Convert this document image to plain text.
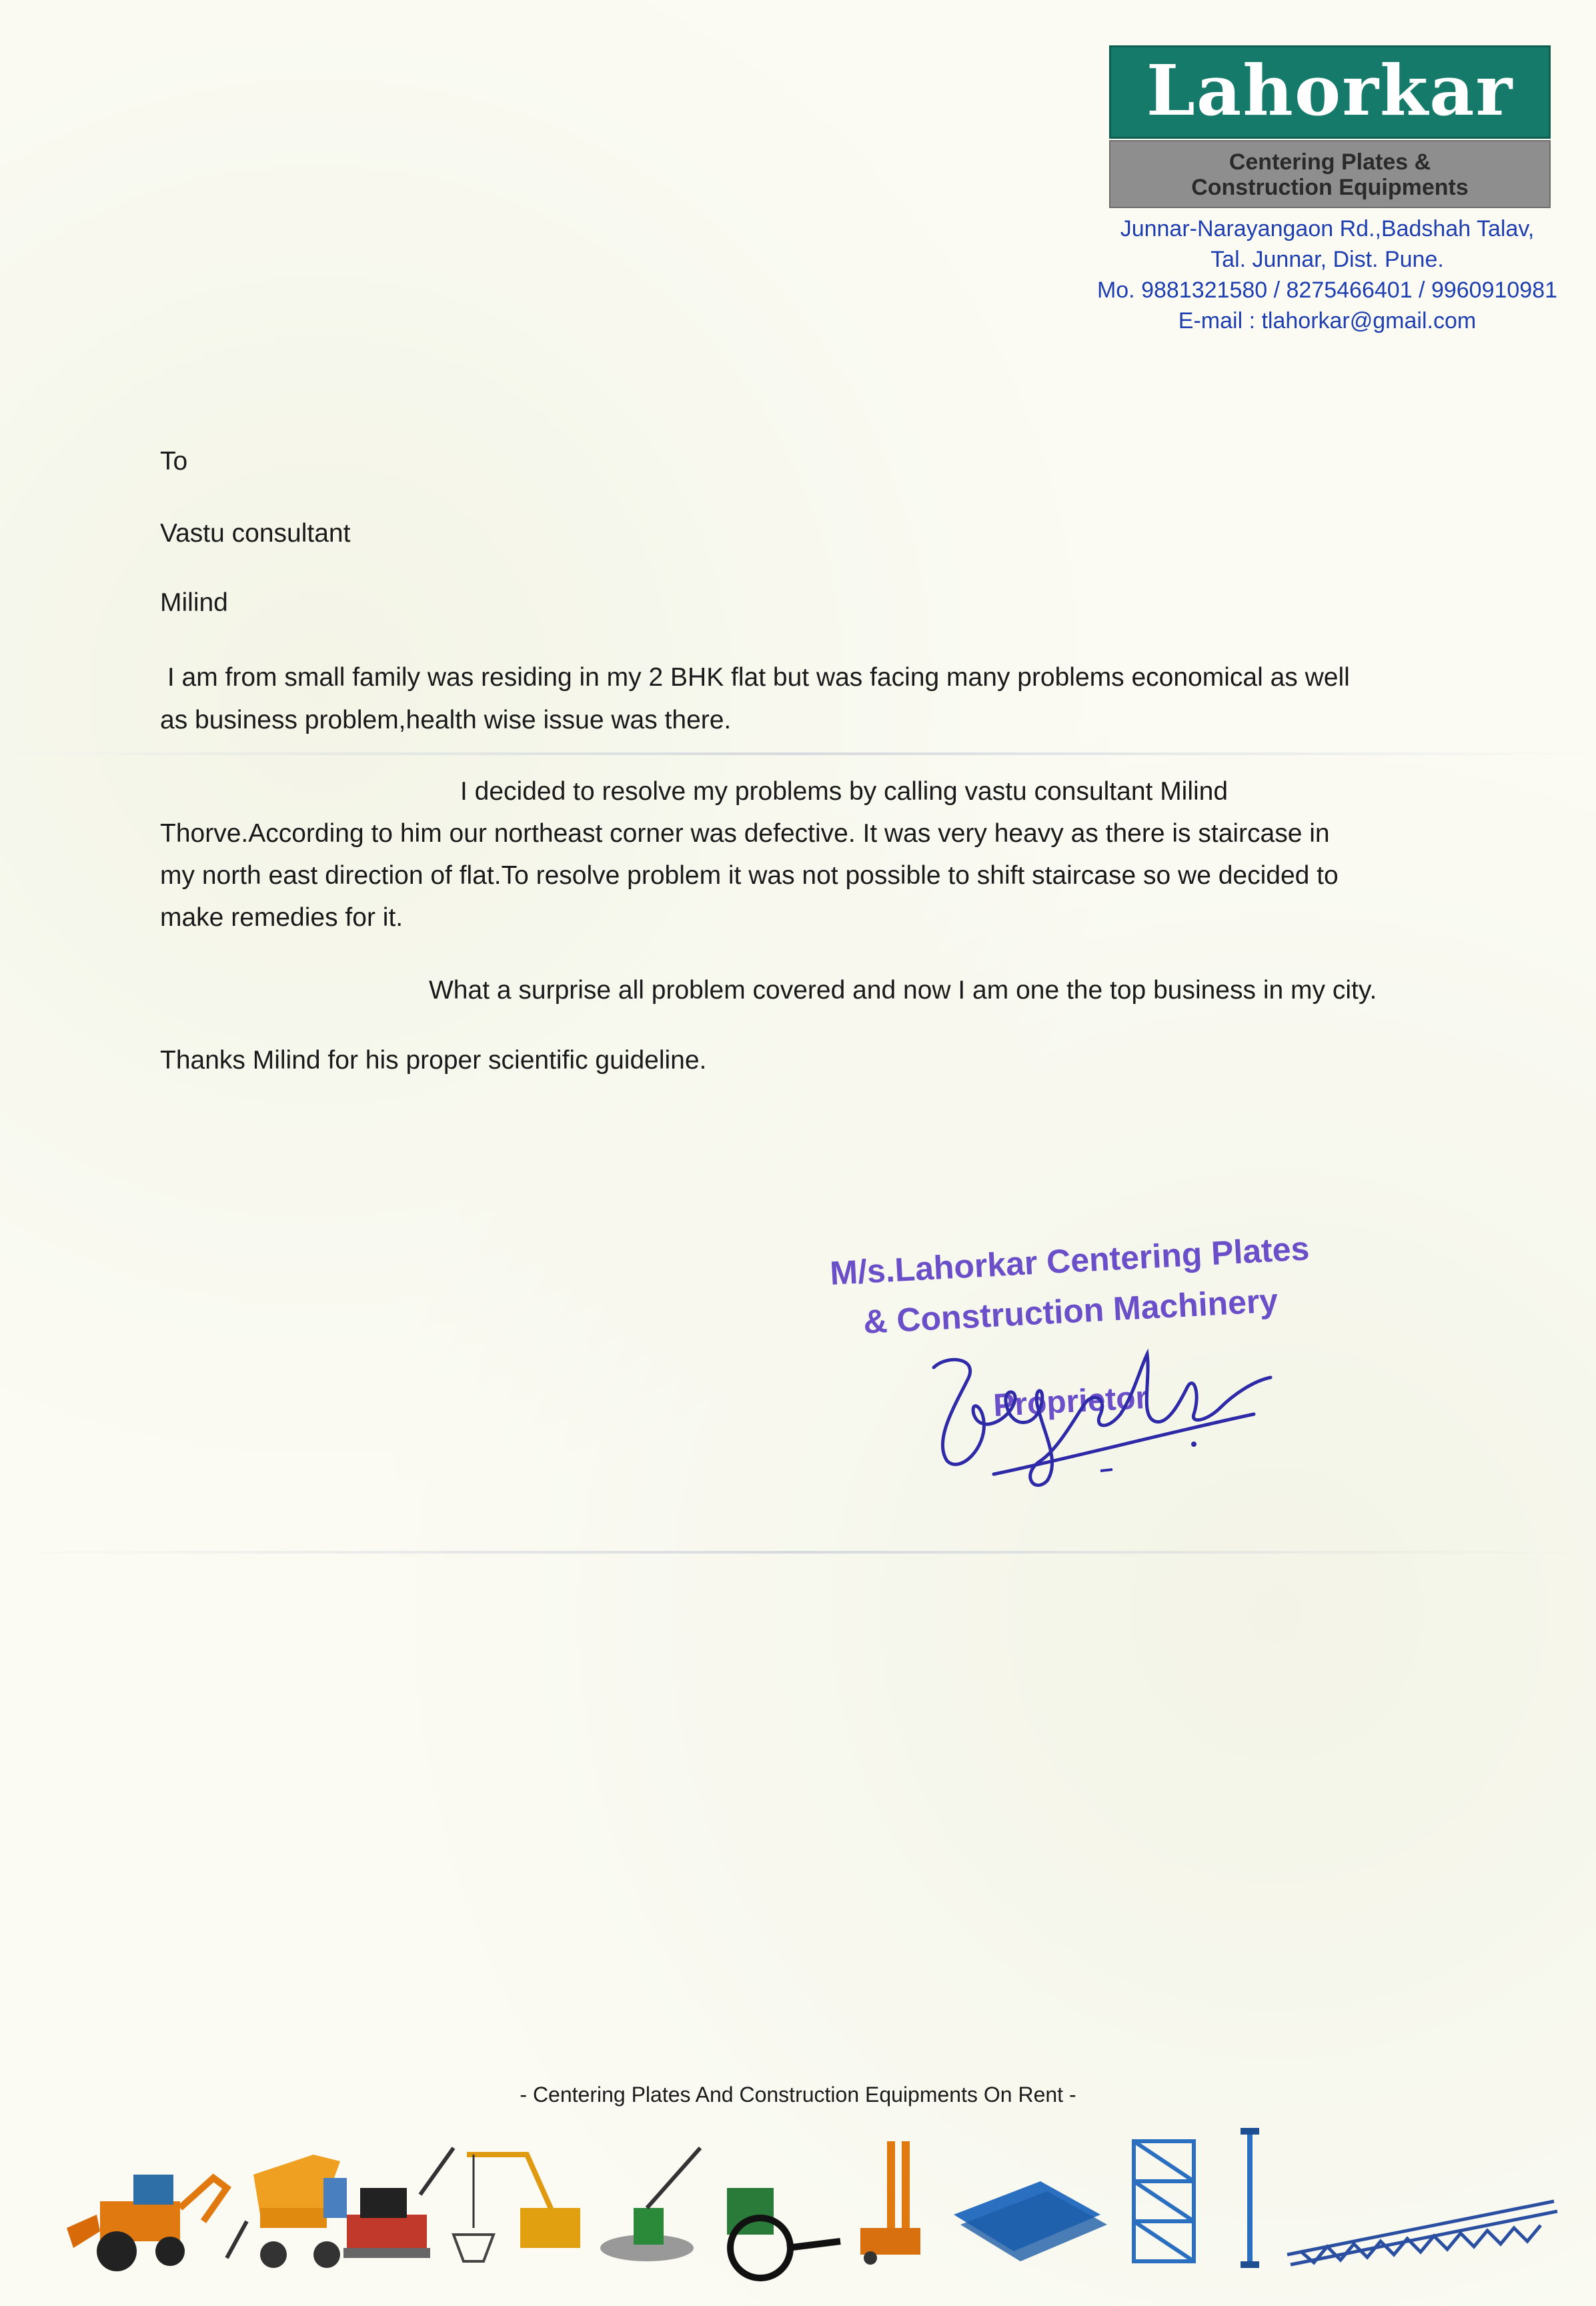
Lahorkar
Centering Plates &
Construction Equipments
Junnar-Narayangaon Rd.,Badshah Talav,
Tal. Junnar, Dist. Pune.
Mo. 9881321580 / 8275466401 / 9960910981
E-mail : tlahorkar@gmail.com
To
Vastu consultant
Milind
I am from small family was residing in my 2 BHK flat but was facing many problems economical as well
as business problem,health wise issue was there.
I decided to resolve my problems by calling vastu consultant Milind
Thorve.According to him our northeast corner was defective. It was very heavy as there is staircase in
my north east direction of flat.To resolve problem it was not possible to shift staircase so we decided to
make remedies for it.
What a surprise all problem covered and now I am one the top business in my city.
Thanks Milind for his proper scientific guideline.
M/s.Lahorkar Centering Plates
& Construction Machinery
Proprietor
- Centering Plates And Construction Equipments On Rent -
